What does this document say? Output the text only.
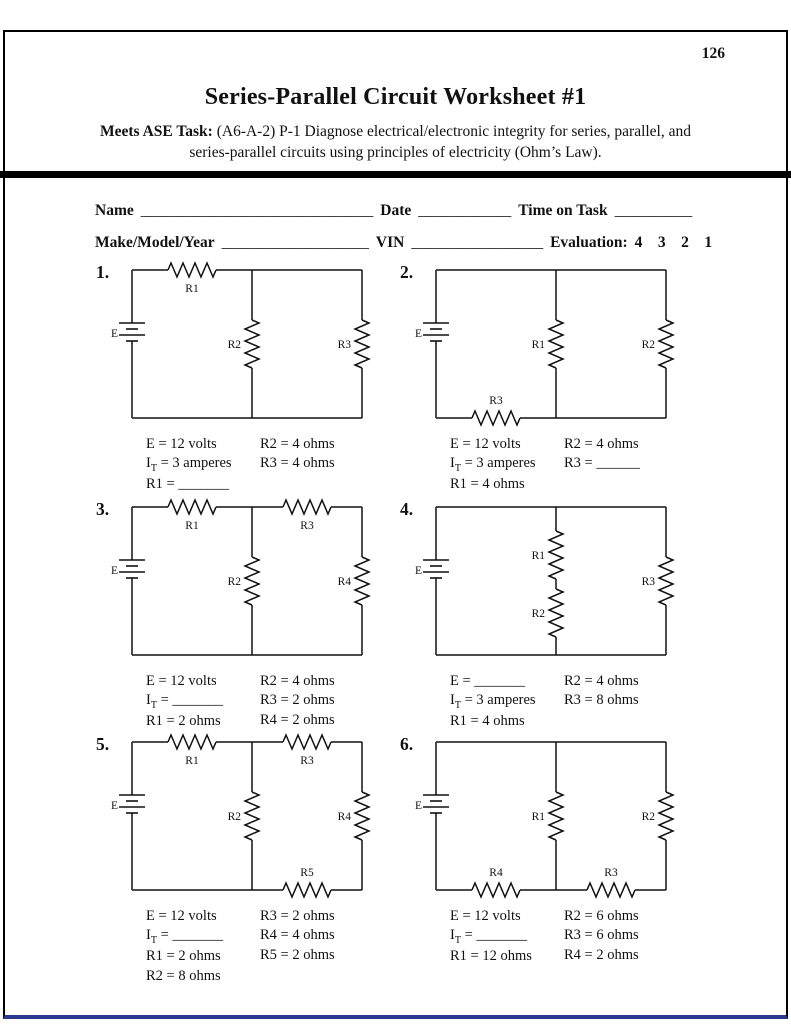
126
Series-Parallel Circuit Worksheet #1
Meets ASE Task: (A6-A-2) P-1 Diagnose electrical/electronic integrity for series, parallel, and
series-parallel circuits using principles of electricity (Ohm’s Law).
Name ______________________________ Date ____________ Time on Task __________
Make/Model/Year ___________________ VIN _________________ Evaluation: 4    3    2    1
1.
E
R1
R2	R3
E = 12 volts
$I_T = 3$ amperes
R1 = _______
R2 = 4 ohms
R3 = 4 ohms
2.
E
R1	R2
R3
E = 12 volts
$I_T = 3$ amperes
R1 = 4 ohms
R2 = 4 ohms
R3 = ______
3.
E
R1	R3
R2	R4
E = 12 volts
$I_T$ = _______
R1 = 2 ohms
R2 = 4 ohms
R3 = 2 ohms
R4 = 2 ohms
4.
E
R1
R2
R3
E = _______
$I_T = 3$ amperes
R1 = 4 ohms
R2 = 4 ohms
R3 = 8 ohms
5.
E
R1	R3
R2	R4
R5
E = 12 volts
$I_T$ = _______
R1 = 2 ohms
R2 = 8 ohms
R3 = 2 ohms
R4 = 4 ohms
R5 = 2 ohms
6.
E
R1	R2
R4	R3
E = 12 volts
$I_T$ = _______
R1 = 12 ohms
R2 = 6 ohms
R3 = 6 ohms
R4 = 2 ohms
